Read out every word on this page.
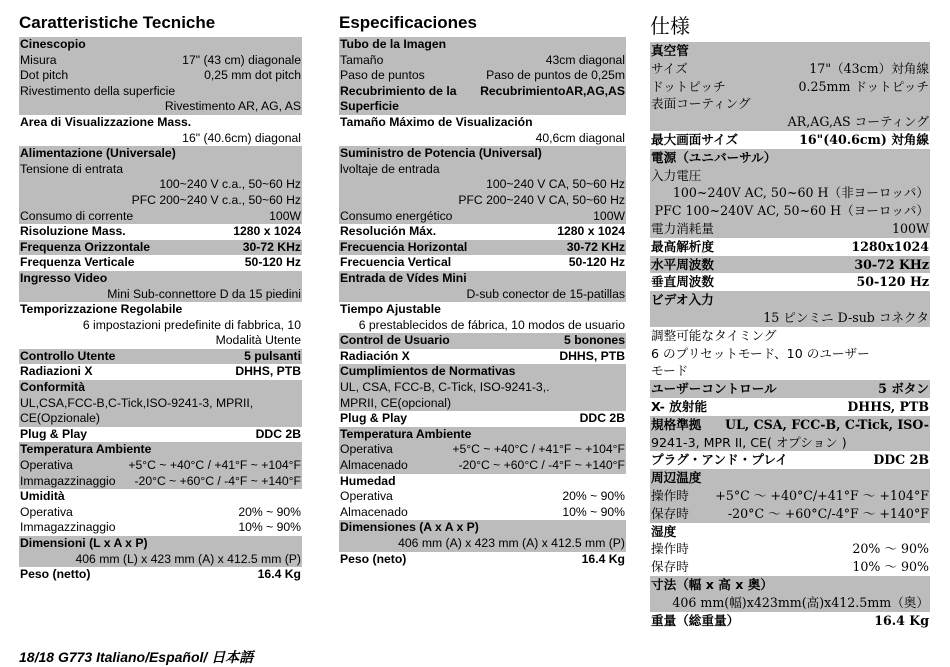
Caratteristiche Tecniche
Cinescopio
Misura	17" (43 cm) diagonale
Dot pitch	0,25 mm dot pitch
Rivestimento della superficie
Rivestimento AR, AG, AS
Area di Visualizzazione Mass.
16" (40.6cm) diagonal
Alimentazione (Universale)
Tensione di entrata
100~240 V c.a., 50~60 Hz
PFC 200~240 V c.a., 50~60 Hz
Consumo di corrente	100W
Risoluzione Mass.	1280 x 1024
Frequenza Orizzontale	30-72 KHz
Frequenza Verticale	50-120 Hz
Ingresso Video
Mini Sub-connettore D da 15 piedini
Temporizzazione Regolabile
6 impostazioni predefinite di fabbrica, 10
Modalità Utente
Controllo Utente	5 pulsanti
Radiazioni X	DHHS, PTB
Conformità
UL,CSA,FCC-B,C-Tick,ISO-9241-3, MPRII,
CE(Opzionale)
Plug & Play	DDC 2B
Temperatura Ambiente
Operativa	+5°C ~ +40°C / +41°F ~ +104°F
Immagazzinaggio	-20°C ~ +60°C / -4°F ~ +140°F
Umidità
Operativa	20% ~ 90%
Immagazzinaggio	10% ~ 90%
Dimensioni (L x A x P)
406 mm (L) x 423 mm (A) x 412.5 mm (P)
Peso (netto)	16.4 Kg
Especificaciones
Tubo de la Imagen
Tamaño	43cm diagonal
Paso de puntos	Paso de puntos de 0,25m
Recubrimiento de la	RecubrimientoAR,AG,AS
Superficie
Tamaño Máximo de Visualización
40,6cm diagonal
Suministro de Potencia (Universal)
lvoltaje de entrada
100~240 V CA, 50~60 Hz
PFC 200~240 V CA, 50~60 Hz
Consumo energético	100W
Resolución Máx.	1280 x 1024
Frecuencia Horizontal	30-72 KHz
Frecuencia Vertical	50-120 Hz
Entrada de Vídes Mini
D-sub conector de 15-patillas
Tiempo Ajustable
6 prestablecidos de fábrica, 10 modos de usuario
Control de Usuario	5 bonones
Radiación X	DHHS, PTB
Cumplimientos de Normativas
UL, CSA, FCC-B, C-Tick, ISO-9241-3,.
MPRII, CE(opcional)
Plug & Play	DDC 2B
Temperatura Ambiente
Operativa	+5°C ~ +40°C / +41°F ~ +104°F
Almacenado	-20°C ~ +60°C / -4°F ~ +140°F
Humedad
Operativa	20% ~ 90%
Almacenado	10% ~ 90%
Dimensiones (A x A x P)
406 mm (A) x 423 mm (A) x 412.5 mm (P)
Peso (neto)	16.4 Kg
仕様
真空管
サイズ	17"（43cm）対角線
ドットピッチ	0.25mm ドットピッチ
表面コーティング
AR,AG,AS コーティング
最大画面サイズ	16"(40.6cm) 対角線
電源（ユニバーサル）
入力電圧
100~240V AC, 50~60 H（非ヨーロッパ）
PFC 100~240V AC, 50~60 H（ヨーロッパ）
電力消耗量	100W
最高解析度	1280x1024
水平周波数	30-72 KHz
垂直周波数	50-120 Hz
ビデオ入力
15 ピンミニ D-sub コネクタ
調整可能なタイミング
6 のプリセットモード、10 のユーザー
モード
ユーザーコントロール	5 ボタン
X- 放射能	DHHS, PTB
規格準拠	UL, CSA, FCC-B, C-Tick, ISO-
9241-3, MPR II, CE( オプション )
プラグ・アンド・プレイ	DDC 2B
周辺温度
操作時	+5°C 〜 +40°C/+41°F 〜 +104°F
保存時	-20°C 〜 +60°C/-4°F 〜 +140°F
湿度
操作時	20% 〜 90%
保存時	10% 〜 90%
寸法（幅 x 高 x 奥）
406 mm(幅)x423mm(高)x412.5mm（奥）
重量（総重量）	16.4 Kg
18/18 G773 Italiano/Español/ 日本語
